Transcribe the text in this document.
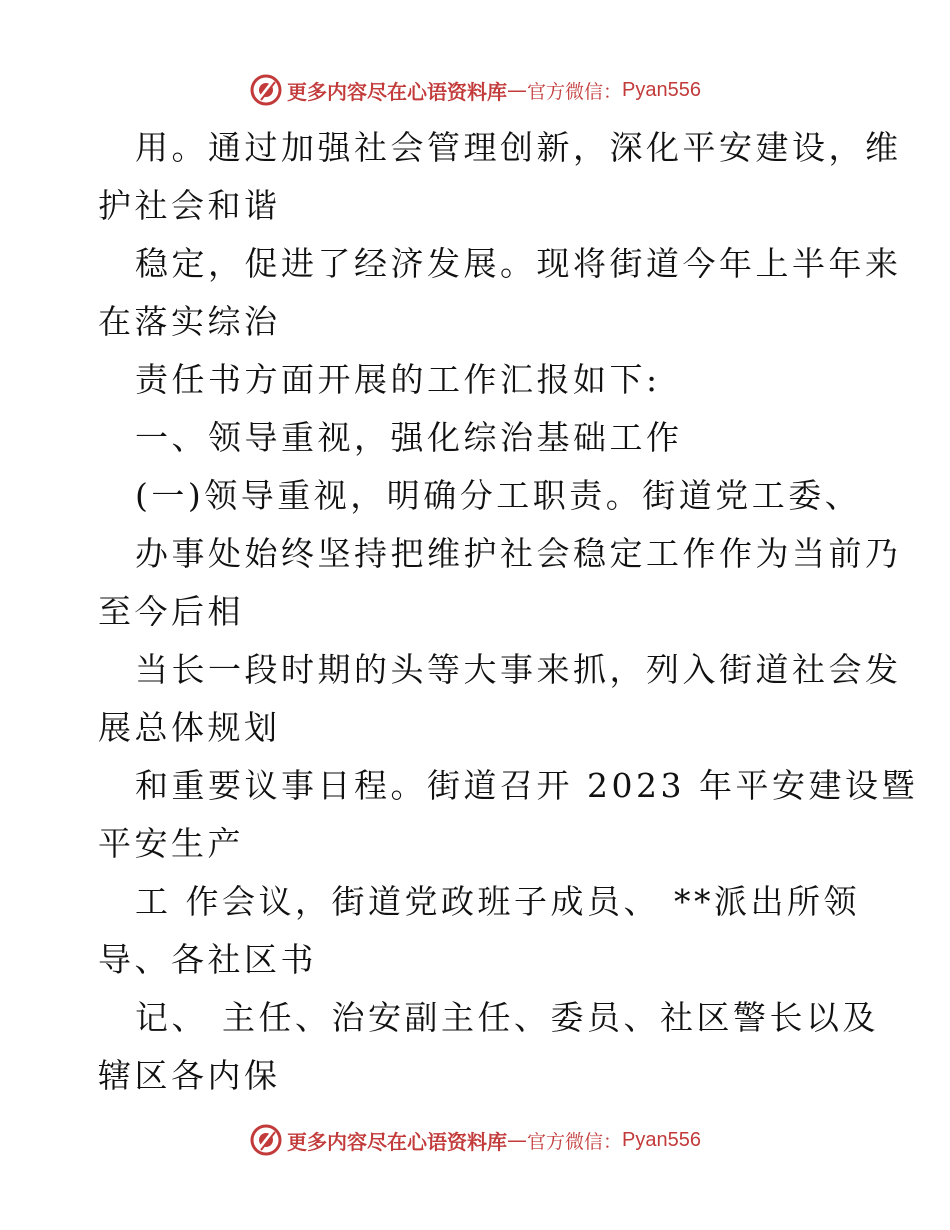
更多内容尽在心语资料库 — 官方微信： Pyan556
用。通过加强社会管理创新，深化平安建设，维
护社会和谐
稳定，促进了经济发展。现将街道今年上半年来
在落实综治
责任书方面开展的工作汇报如下:
一、领导重视，强化综治基础工作
(一)领导重视，明确分工职责。街道党工委、
办事处始终坚持把维护社会稳定工作作为当前乃
至今后相
当长一段时期的头等大事来抓，列入街道社会发
展总体规划
和重要议事日程。街道召开 2023 年平安建设暨
平安生产
工 作会议，街道党政班子成员、 **派出所领
导、各社区书
记、 主任、治安副主任、委员、社区警长以及
辖区各内保
更多内容尽在心语资料库 — 官方微信： Pyan556
